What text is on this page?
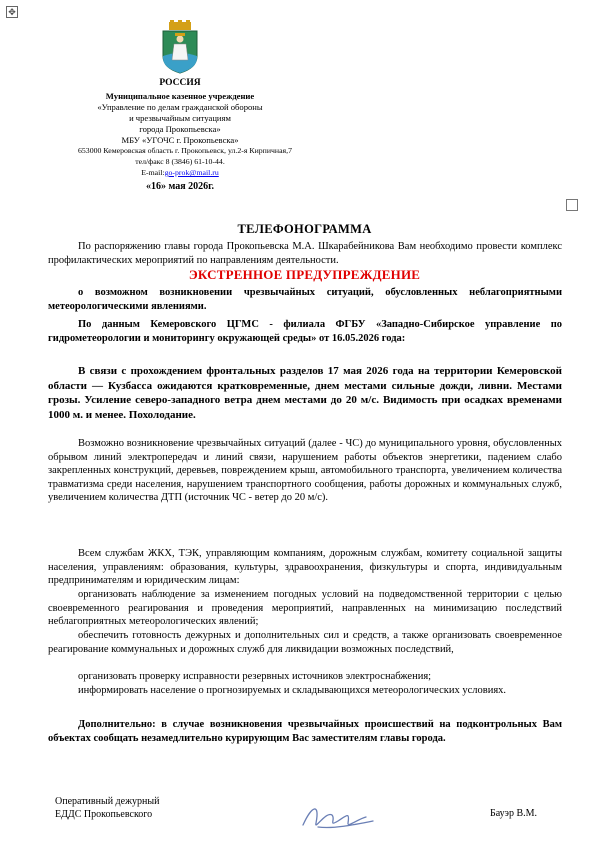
✥
РОССИЯ
Муниципальное казенное учреждение
«Управление по делам гражданской обороны
и чрезвычайным ситуациям
города Прокопьевска»
МБУ «УГОЧС г. Прокопьевска»
653000 Кемеровская область г. Прокопьевск, ул.2-я Кирпичная,7
тел/факс 8 (3846) 61-10-44.
E-mail:go-prok@mail.ru
«16» мая 2026г.
ТЕЛЕФОНОГРАММА
По распоряжению главы города Прокопьевска М.А. Шкарабейникова Вам необходимо провести комплекс профилактических мероприятий по направлениям деятельности.
ЭКСТРЕННОЕ ПРЕДУПРЕЖДЕНИЕ
о возможном возникновении чрезвычайных ситуаций, обусловленных неблагоприятными метеорологическими явлениями.
По данным Кемеровского ЦГМС - филиала ФГБУ «Западно-Сибирское управление по гидрометеорологии и мониторингу окружающей среды» от 16.05.2026 года:
В связи с прохождением фронтальных разделов 17 мая 2026 года на территории Кемеровской области — Кузбасса ожидаются кратковременные, днем местами сильные дожди, ливни. Местами грозы. Усиление северо-западного ветра днем местами до 20 м/с. Видимость при осадках временами 1000 м. и менее. Похолодание.
Возможно возникновение чрезвычайных ситуаций (далее - ЧС) до муниципального уровня, обусловленных обрывом линий электропередач и линий связи, нарушением работы объектов энергетики, падением слабо закрепленных конструкций, деревьев, повреждением крыш, автомобильного транспорта, увеличением количества травматизма среди населения, нарушением транспортного сообщения, работы дорожных и коммунальных служб, увеличением количества ДТП (источник ЧС - ветер до 20 м/с).
Всем службам ЖКХ, ТЭК, управляющим компаниям, дорожным службам, комитету социальной защиты населения, управлениям: образования, культуры, здравоохранения, физкультуры и спорта, индивидуальным предпринимателям и юридическим лицам:
организовать наблюдение за изменением погодных условий на подведомственной территории с целью своевременного реагирования и проведения мероприятий, направленных на минимизацию последствий неблагоприятных метеорологических явлений;
обеспечить готовность дежурных и дополнительных сил и средств, а также организовать своевременное реагирование коммунальных и дорожных служб для ликвидации возможных последствий,
организовать проверку исправности резервных источников электроснабжения;
информировать население о прогнозируемых и складывающихся метеорологических условиях.
Дополнительно: в случае возникновения чрезвычайных происшествий на подконтрольных Вам объектах сообщать незамедлительно курирующим Вас заместителям главы города.
Оперативный дежурный
ЕДДС Прокопьевского	Бауэр В.М.
